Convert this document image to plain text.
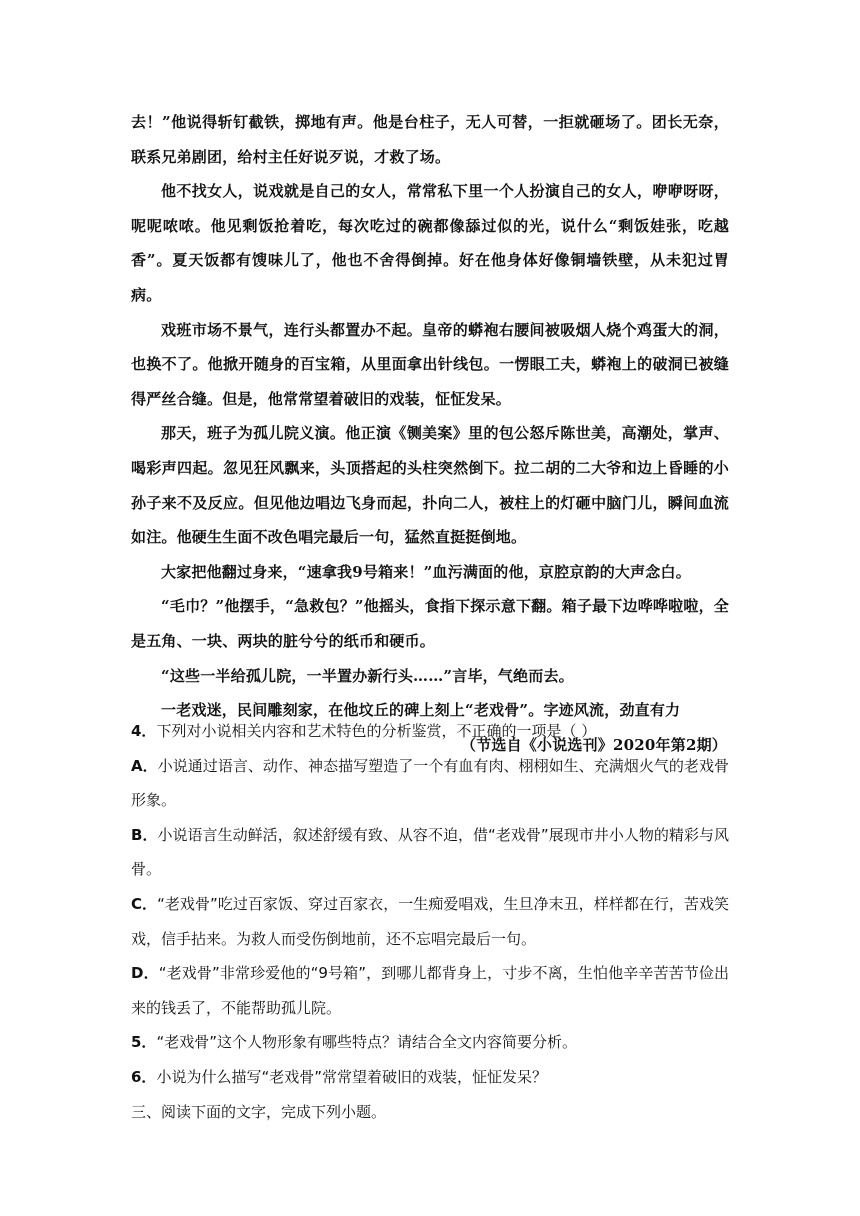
去！”他说得斩钉截铁，掷地有声。他是台柱子，无人可替，一拒就砸场了。团长无奈，联系兄弟剧团，给村主任好说歹说，才救了场。

他不找女人，说戏就是自己的女人，常常私下里一个人扮演自己的女人，咿咿呀呀，呢呢哝哝。他见剩饭抢着吃，每次吃过的碗都像舔过似的光，说什么“剩饭娃张，吃越香”。夏天饭都有馊味儿了，他也不舍得倒掉。好在他身体好像铜墙铁壁，从未犯过胃病。

戏班市场不景气，连行头都置办不起。皇帝的蟒袍右腰间被吸烟人烧个鸡蛋大的洞，也换不了。他掀开随身的百宝箱，从里面拿出针线包。一愣眼工夫，蟒袍上的破洞已被缝得严丝合缝。但是，他常常望着破旧的戏装，怔怔发呆。

那天，班子为孤儿院义演。他正演《铡美案》里的包公怒斥陈世美，高潮处，掌声、喝彩声四起。忽见狂风飘来，头顶搭起的头柱突然倒下。拉二胡的二大爷和边上昏睡的小孙子来不及反应。但见他边唱边飞身而起，扑向二人，被柱上的灯砸中脑门儿，瞬间血流如注。他硬生生面不改色唱完最后一句，猛然直挺挺倒地。

大家把他翻过身来，“速拿我9号箱来！”血污满面的他，京腔京韵的大声念白。

“毛巾？”他摆手，“急救包？”他摇头，食指下探示意下翻。箱子最下边哗哗啦啦，全是五角、一块、两块的脏兮兮的纸币和硬币。

“这些一半给孤儿院，一半置办新行头……”言毕，气绝而去。

一老戏迷，民间雕刻家，在他坟丘的碑上刻上“老戏骨”。字迹风流，劲直有力

（节选自《小说选刊》2020年第2期）

4．下列对小说相关内容和艺术特色的分析鉴赏，不正确的一项是（ ）

A．小说通过语言、动作、神态描写塑造了一个有血有肉、栩栩如生、充满烟火气的老戏骨形象。

B．小说语言生动鲜活，叙述舒缓有致、从容不迫，借“老戏骨”展现市井小人物的精彩与风骨。

C．“老戏骨”吃过百家饭、穿过百家衣，一生痴爱唱戏，生旦净末丑，样样都在行，苦戏笑戏，信手拈来。为救人而受伤倒地前，还不忘唱完最后一句。

D．“老戏骨”非常珍爱他的“9号箱”，到哪儿都背身上，寸步不离，生怕他辛辛苦苦节俭出来的钱丢了，不能帮助孤儿院。

5．“老戏骨”这个人物形象有哪些特点？请结合全文内容简要分析。

6．小说为什么描写“老戏骨”常常望着破旧的戏装，怔怔发呆？

三、阅读下面的文字，完成下列小题。
